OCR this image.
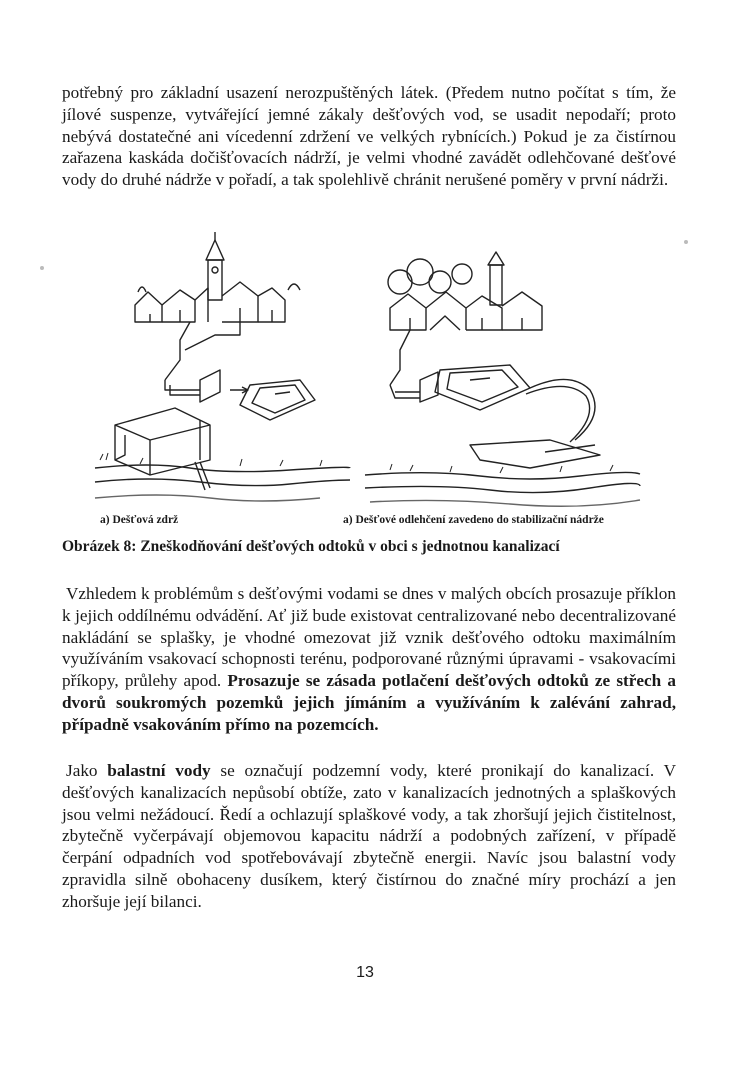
potřebný pro základní usazení nerozpuštěných látek. (Předem nutno počítat s tím, že jílové suspenze, vytvářející jemné zákaly dešťových vod, se usadit nepodaří; proto nebývá dostatečné ani vícedenní zdržení ve velkých rybnících.) Pokud je za čistírnou zařazena kaskáda dočišťovacích nádrží, je velmi vhodné zavádět odlehčované dešťové vody do druhé nádrže v pořadí, a tak spolehlivě chránit nerušené poměry v první nádrži.

a) Dešťová zdrž	a) Dešťové odlehčení zavedeno do stabilizační nádrže
Obrázek 8: Zneškodňování dešťových odtoků v obci s jednotnou kanalizací

Vzhledem k problémům s dešťovými vodami se dnes v malých obcích prosazuje příklon k jejich oddílnému odvádění. Ať již bude existovat centralizované nebo decentralizované nakládání se splašky, je vhodné omezovat již vznik dešťového odtoku maximálním využíváním vsakovací schopnosti terénu, podporované různými úpravami - vsakovacími příkopy, průlehy apod. Prosazuje se zásada potlačení dešťových odtoků ze střech a dvorů soukromých pozemků jejich jímáním a využíváním k zalévání zahrad, případně vsakováním přímo na pozemcích.

Jako balastní vody se označují podzemní vody, které pronikají do kanalizací. V dešťových kanalizacích nepůsobí obtíže, zato v kanalizacích jednotných a splaškových jsou velmi nežádoucí. Ředí a ochlazují splaškové vody, a tak zhoršují jejich čistitelnost, zbytečně vyčerpávají objemovou kapacitu nádrží a podobných zařízení, v případě čerpání odpadních vod spotřebovávají zbytečně energii. Navíc jsou balastní vody zpravidla silně obohaceny dusíkem, který čistírnou do značné míry prochází a jen zhoršuje její bilanci.

13
